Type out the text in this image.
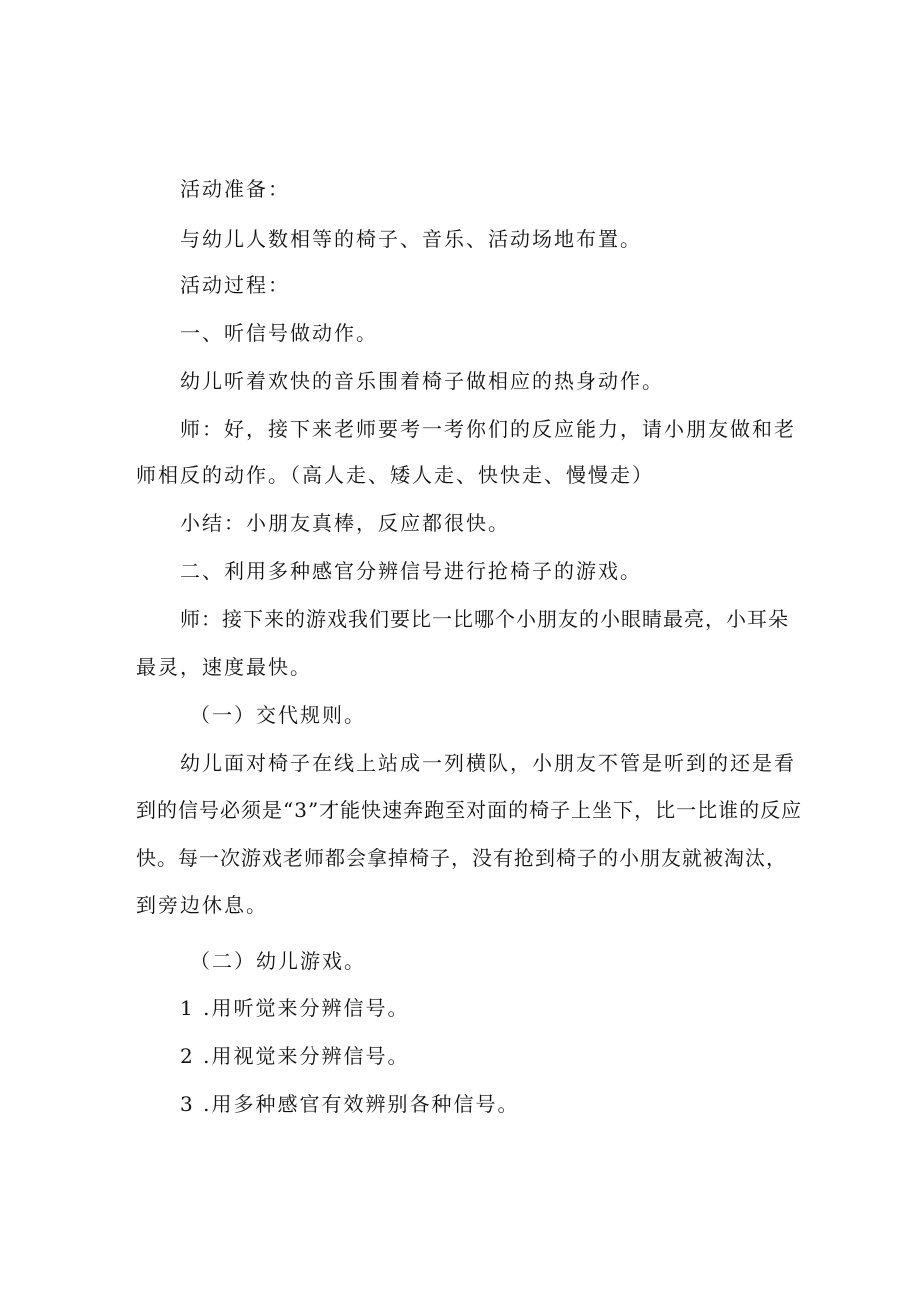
活动准备：
与幼儿人数相等的椅子、音乐、活动场地布置。
活动过程：
一、听信号做动作。
幼儿听着欢快的音乐围着椅子做相应的热身动作。
师：好，接下来老师要考一考你们的反应能力，请小朋友做和老
师相反的动作。（高人走、矮人走、快快走、慢慢走）
小结：小朋友真棒，反应都很快。
二、利用多种感官分辨信号进行抢椅子的游戏。
师：接下来的游戏我们要比一比哪个小朋友的小眼睛最亮，小耳朵
最灵，速度最快。
（一）交代规则。
幼儿面对椅子在线上站成一列横队，小朋友不管是听到的还是看
到的信号必须是“3”才能快速奔跑至对面的椅子上坐下，比一比谁的反应
快。每一次游戏老师都会拿掉椅子，没有抢到椅子的小朋友就被淘汰，
到旁边休息。
（二）幼儿游戏。
1 .用听觉来分辨信号。
2 .用视觉来分辨信号。
3 .用多种感官有效辨别各种信号。
